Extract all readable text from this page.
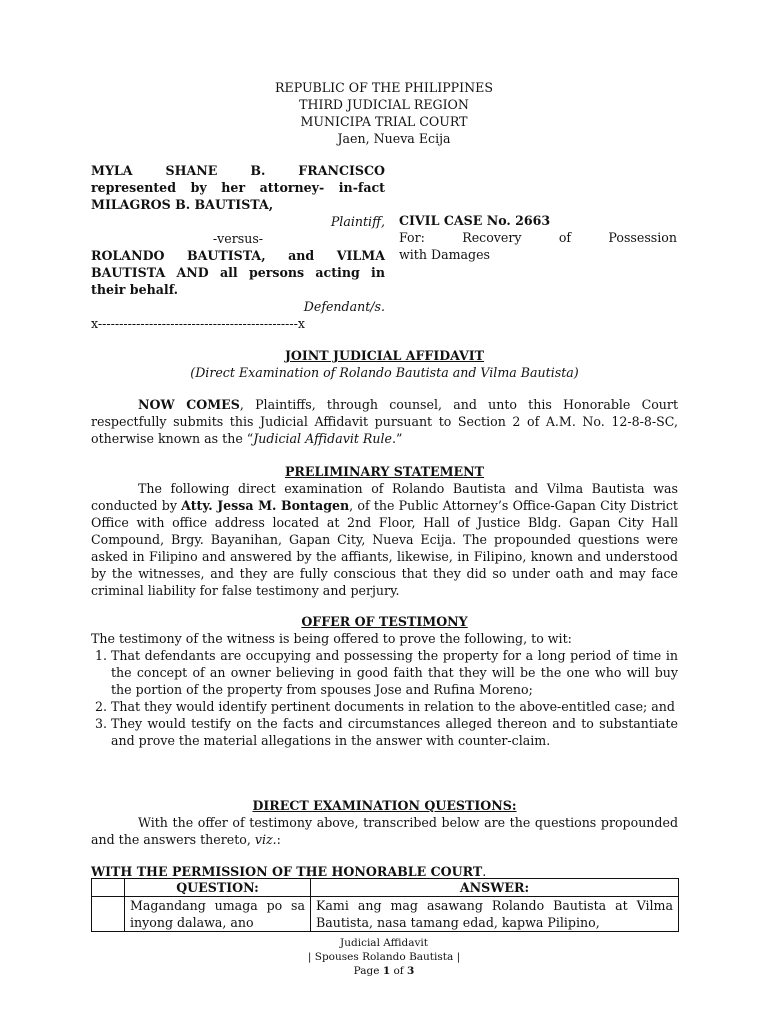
REPUBLIC OF THE PHILIPPINES
THIRD JUDICIAL REGION
MUNICIPA TRIAL COURT
Jaen, Nueva Ecija
MYLA SHANE B. FRANCISCO
represented by her attorney- in-fact
MILAGROS B. BAUTISTA,
Plaintiff,
-versus-
ROLANDO BAUTISTA, and VILMA
BAUTISTA AND all persons acting in
their behalf.
Defendant/s.
x-----------------------------------------------x
CIVIL CASE No. 2663
For: Recovery of Possession
with Damages
JOINT JUDICIAL AFFIDAVIT
(Direct Examination of Rolando Bautista and Vilma Bautista)

NOW COMES, Plaintiffs, through counsel, and unto this Honorable Court respectfully submits this Judicial Affidavit pursuant to Section 2 of A.M. No. 12-8-8-SC, otherwise known as the “Judicial Affidavit Rule.”

PRELIMINARY STATEMENT

The following direct examination of Rolando Bautista and Vilma Bautista was conducted by Atty. Jessa M. Bontagen, of the Public Attorney’s Office-Gapan City District Office with office address located at 2nd Floor, Hall of Justice Bldg. Gapan City Hall Compound, Brgy. Bayanihan, Gapan City, Nueva Ecija. The propounded questions were asked in Filipino and answered by the affiants, likewise, in Filipino, known and understood by the witnesses, and they are fully conscious that they did so under oath and may face criminal liability for false testimony and perjury.

OFFER OF TESTIMONY
The testimony of the witness is being offered to prove the following, to wit:
1. That defendants are occupying and possessing the property for a long period of time in the concept of an owner believing in good faith that they will be the one who will buy the portion of the property from spouses Jose and Rufina Moreno;
2. That they would identify pertinent documents in relation to the above-entitled case; and
3. They would testify on the facts and circumstances alleged thereon and to substantiate and prove the material allegations in the answer with counter-claim.
DIRECT EXAMINATION QUESTIONS:

With the offer of testimony above, transcribed below are the questions propounded and the answers thereto, viz.:

WITH THE PERMISSION OF THE HONORABLE COURT.
	QUESTION:	ANSWER:

	Magandang umaga po sa inyong dalawa, ano	Kami ang mag asawang Rolando Bautista at Vilma Bautista, nasa tamang edad, kapwa Pilipino,
Judicial Affidavit
| Spouses Rolando Bautista |
Page 1 of 3
